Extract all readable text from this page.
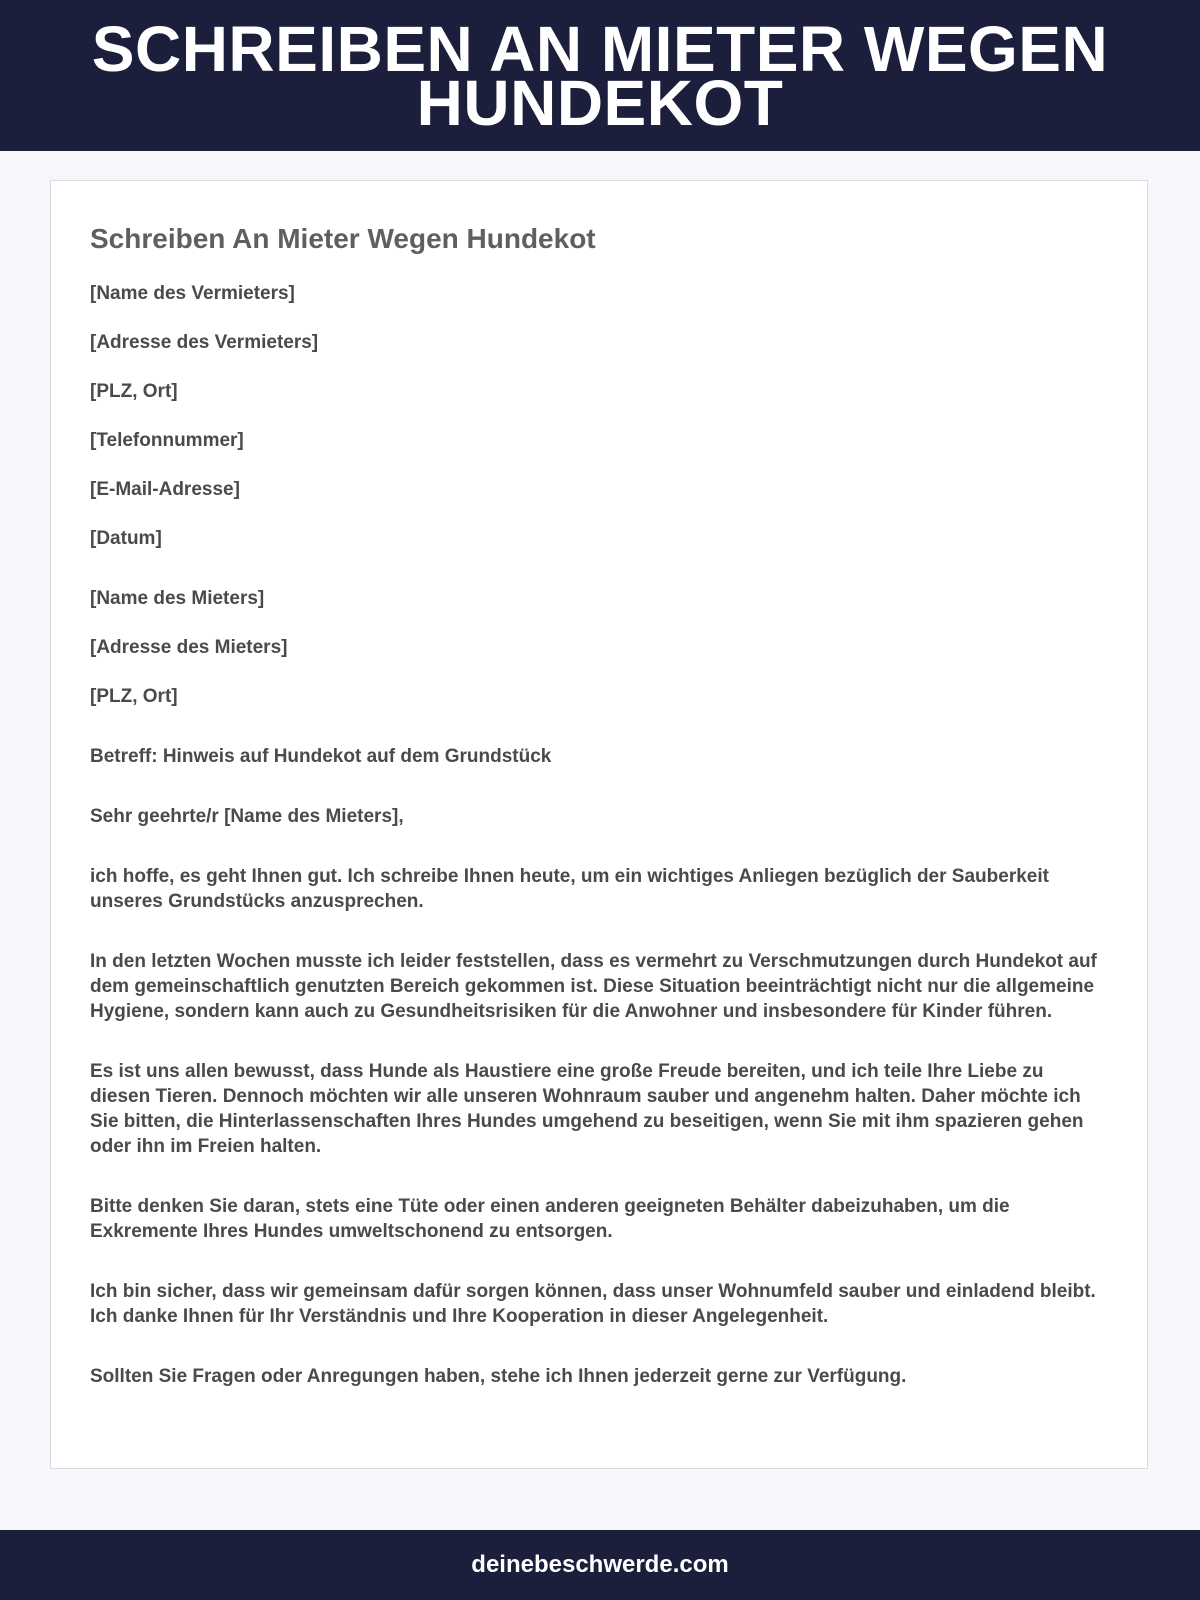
SCHREIBEN AN MIETER WEGEN HUNDEKOT
Schreiben An Mieter Wegen Hundekot

[Name des Vermieters]

[Adresse des Vermieters]

[PLZ, Ort]

[Telefonnummer]

[E-Mail-Adresse]

[Datum]

[Name des Mieters]

[Adresse des Mieters]

[PLZ, Ort]

Betreff: Hinweis auf Hundekot auf dem Grundstück

Sehr geehrte/r [Name des Mieters],

ich hoffe, es geht Ihnen gut. Ich schreibe Ihnen heute, um ein wichtiges Anliegen bezüglich der Sauberkeit unseres Grundstücks anzusprechen.

In den letzten Wochen musste ich leider feststellen, dass es vermehrt zu Verschmutzungen durch Hundekot auf dem gemeinschaftlich genutzten Bereich gekommen ist. Diese Situation beeinträchtigt nicht nur die allgemeine Hygiene, sondern kann auch zu Gesundheitsrisiken für die Anwohner und insbesondere für Kinder führen.

Es ist uns allen bewusst, dass Hunde als Haustiere eine große Freude bereiten, und ich teile Ihre Liebe zu diesen Tieren. Dennoch möchten wir alle unseren Wohnraum sauber und angenehm halten. Daher möchte ich Sie bitten, die Hinterlassenschaften Ihres Hundes umgehend zu beseitigen, wenn Sie mit ihm spazieren gehen oder ihn im Freien halten.

Bitte denken Sie daran, stets eine Tüte oder einen anderen geeigneten Behälter dabeizuhaben, um die Exkremente Ihres Hundes umweltschonend zu entsorgen.

Ich bin sicher, dass wir gemeinsam dafür sorgen können, dass unser Wohnumfeld sauber und einladend bleibt. Ich danke Ihnen für Ihr Verständnis und Ihre Kooperation in dieser Angelegenheit.

Sollten Sie Fragen oder Anregungen haben, stehe ich Ihnen jederzeit gerne zur Verfügung.

deinebeschwerde.com
